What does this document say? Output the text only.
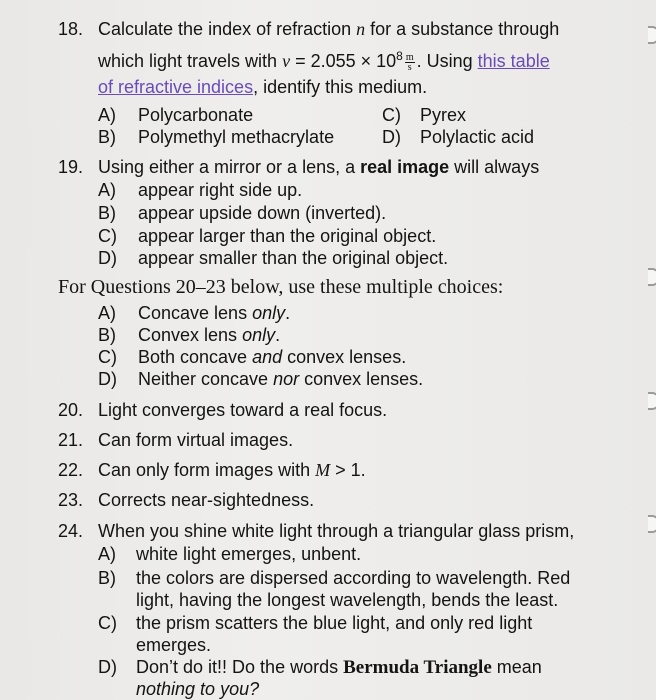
18. Calculate the index of refraction n for a substance through
which light travels with $v = 2.055 \times 10^8 \frac{m}{s}$ . Using this table
of refractive indices, identify this medium.
A) Polycarbonate
B) Polymethyl methacrylate
C) Pyrex
D) Polylactic acid
19. Using either a mirror or a lens, a real image will always
A) appear right side up.
B) appear upside down (inverted).
C) appear larger than the original object.
D) appear smaller than the original object.
For Questions 20–23 below, use these multiple choices:
A) Concave lens only.
B) Convex lens only.
C) Both concave and convex lenses.
D) Neither concave nor convex lenses.
20. Light converges toward a real focus.
21. Can form virtual images.
22. Can only form images with M > 1.
23. Corrects near-sightedness.
24. When you shine white light through a triangular glass prism,
A) white light emerges, unbent.
B) the colors are dispersed according to wavelength. Red
light, having the longest wavelength, bends the least.
C) the prism scatters the blue light, and only red light
emerges.
D) Don’t do it!! Do the words Bermuda Triangle mean
nothing to you?
